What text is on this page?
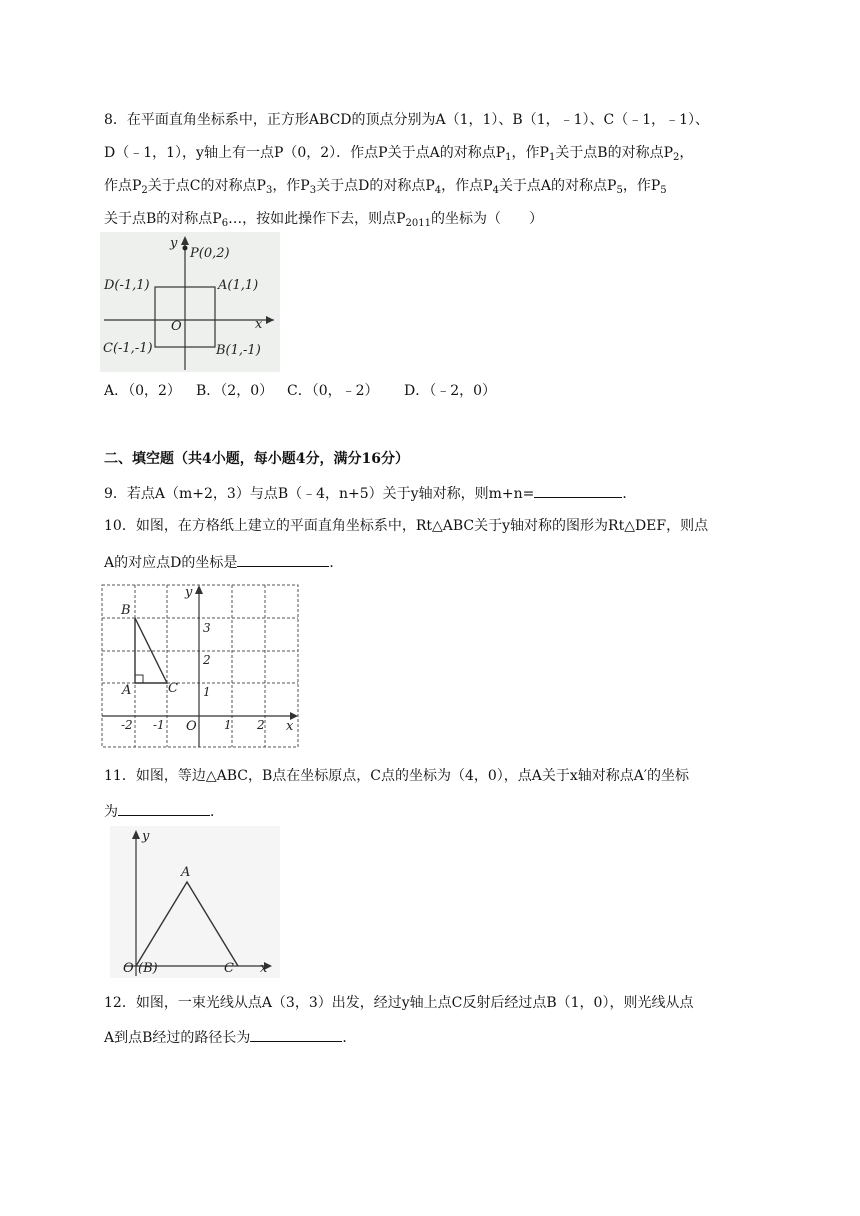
8．在平面直角坐标系中，正方形ABCD的顶点分别为A（1，1）、B（1，﹣1）、C（﹣1，﹣1）、
D（﹣1，1），y轴上有一点P（0，2）．作点P关于点A的对称点$P_1$，作$P_1$关于点B的对称点$P_2$，
作点$P_2$关于点C的对称点$P_3$，作$P_3$关于点D的对称点$P_4$，作点$P_4$关于点A的对称点$P_5$，作$P_5$
关于点B的对称点$P_6\dots$，按如此操作下去，则点$P_{2011}$的坐标为（　　）
y
P(0,2)
D(-1,1)	A(1,1)
O	x
C(-1,-1)	B(1,-1)
A．（0，2） B．（2，0） C．（0，﹣2） D．（﹣2，0）
二、填空题（共4小题，每小题4分，满分16分）
9．若点A（m+2，3）与点B（﹣4，n+5）关于y轴对称，则m+n=	．
10．如图，在方格纸上建立的平面直角坐标系中，Rt△ABC关于y轴对称的图形为Rt△DEF，则点
A的对应点D的坐标是	．
B
A	C
y
3
2
1
-2 -1 O 1 2 x
11．如图，等边△ABC，B点在坐标原点，C点的坐标为（4，0），点A关于x轴对称点A′的坐标
为	．
y
A
O (B)	C x
12．如图，一束光线从点A（3，3）出发，经过y轴上点C反射后经过点B（1，0），则光线从点
A到点B经过的路径长为	．
